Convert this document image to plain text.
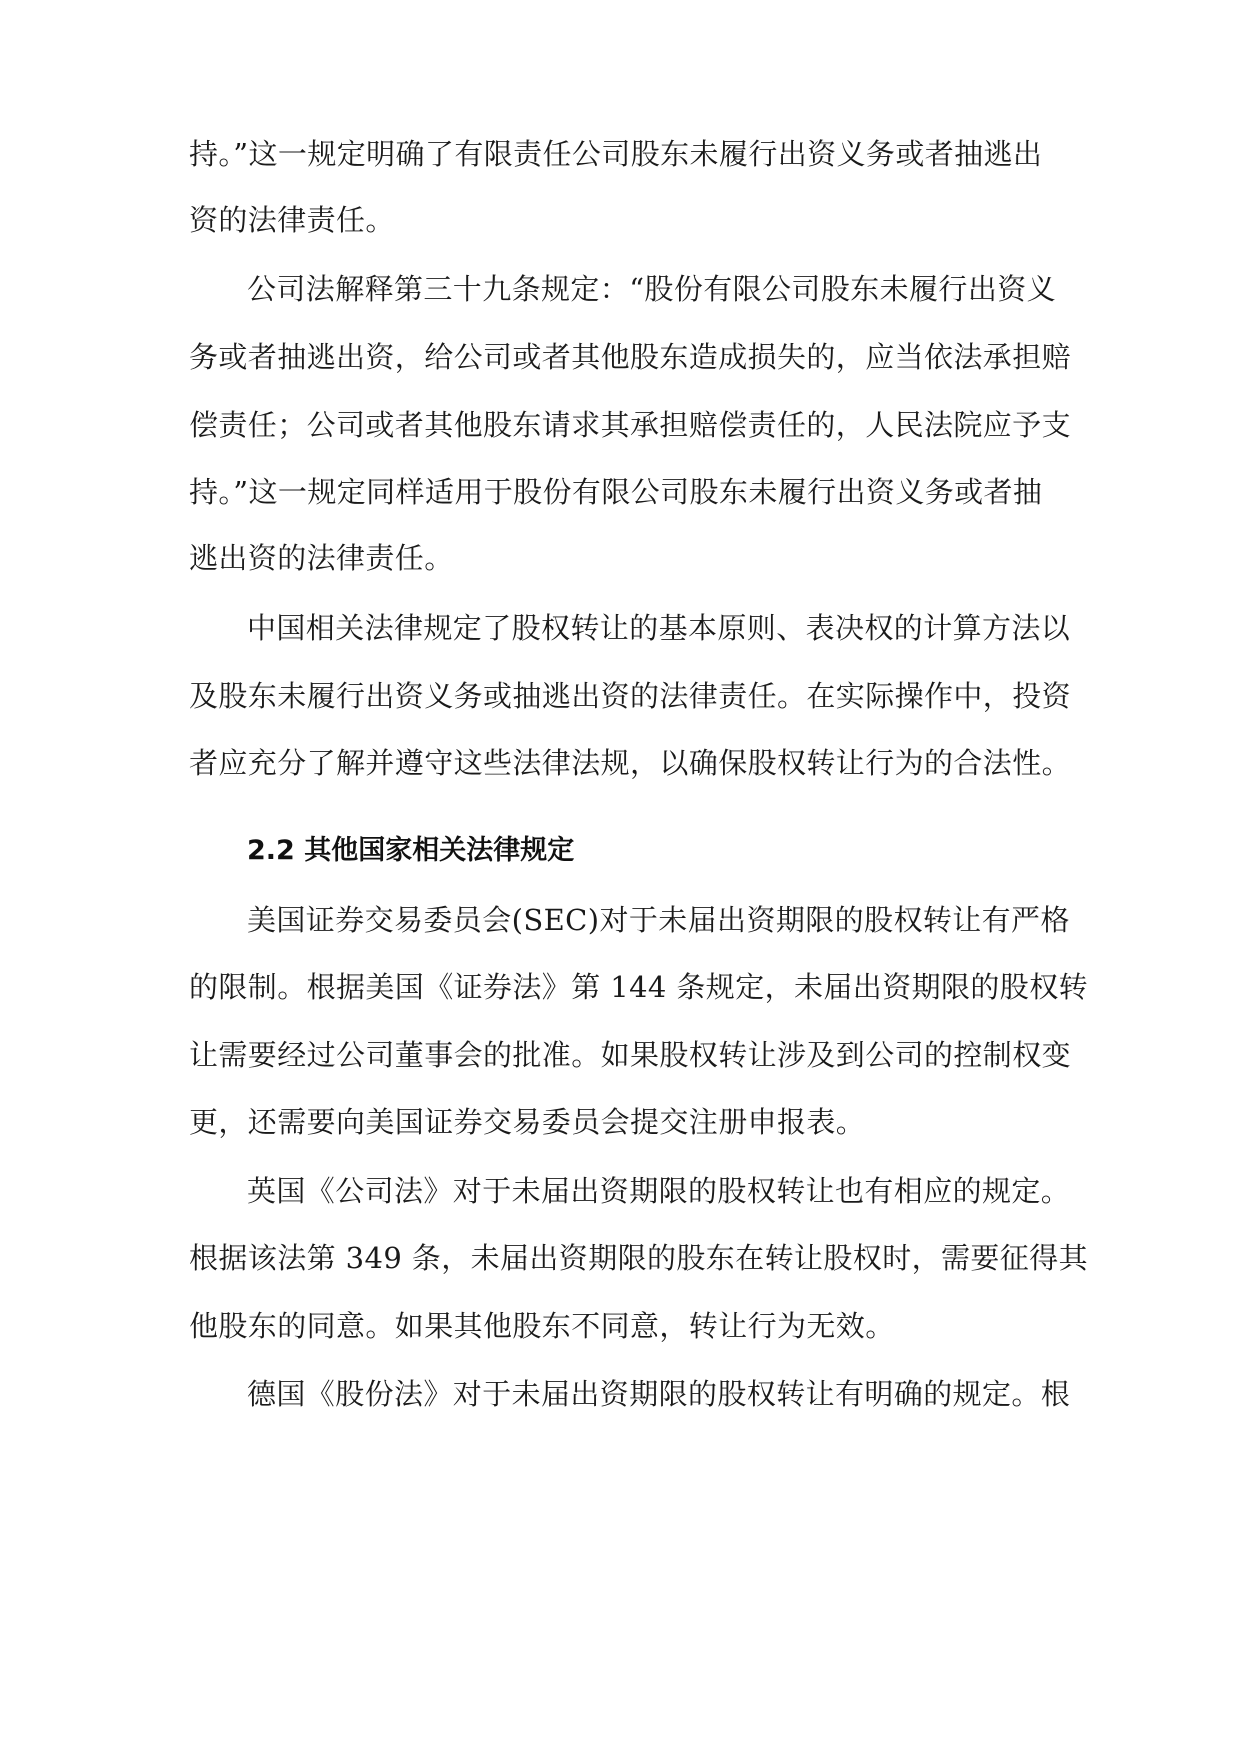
持。”这一规定明确了有限责任公司股东未履行出资义务或者抽逃出
资的法律责任。
公司法解释第三十九条规定：“股份有限公司股东未履行出资义
务或者抽逃出资，给公司或者其他股东造成损失的，应当依法承担赔
偿责任；公司或者其他股东请求其承担赔偿责任的，人民法院应予支
持。”这一规定同样适用于股份有限公司股东未履行出资义务或者抽
逃出资的法律责任。
中国相关法律规定了股权转让的基本原则、表决权的计算方法以
及股东未履行出资义务或抽逃出资的法律责任。在实际操作中，投资
者应充分了解并遵守这些法律法规，以确保股权转让行为的合法性。
2.2 其他国家相关法律规定
美国证券交易委员会(SEC)对于未届出资期限的股权转让有严格
的限制。根据美国《证券法》第 144 条规定，未届出资期限的股权转
让需要经过公司董事会的批准。如果股权转让涉及到公司的控制权变
更，还需要向美国证券交易委员会提交注册申报表。
英国《公司法》对于未届出资期限的股权转让也有相应的规定。
根据该法第 349 条，未届出资期限的股东在转让股权时，需要征得其
他股东的同意。如果其他股东不同意，转让行为无效。
德国《股份法》对于未届出资期限的股权转让有明确的规定。根
